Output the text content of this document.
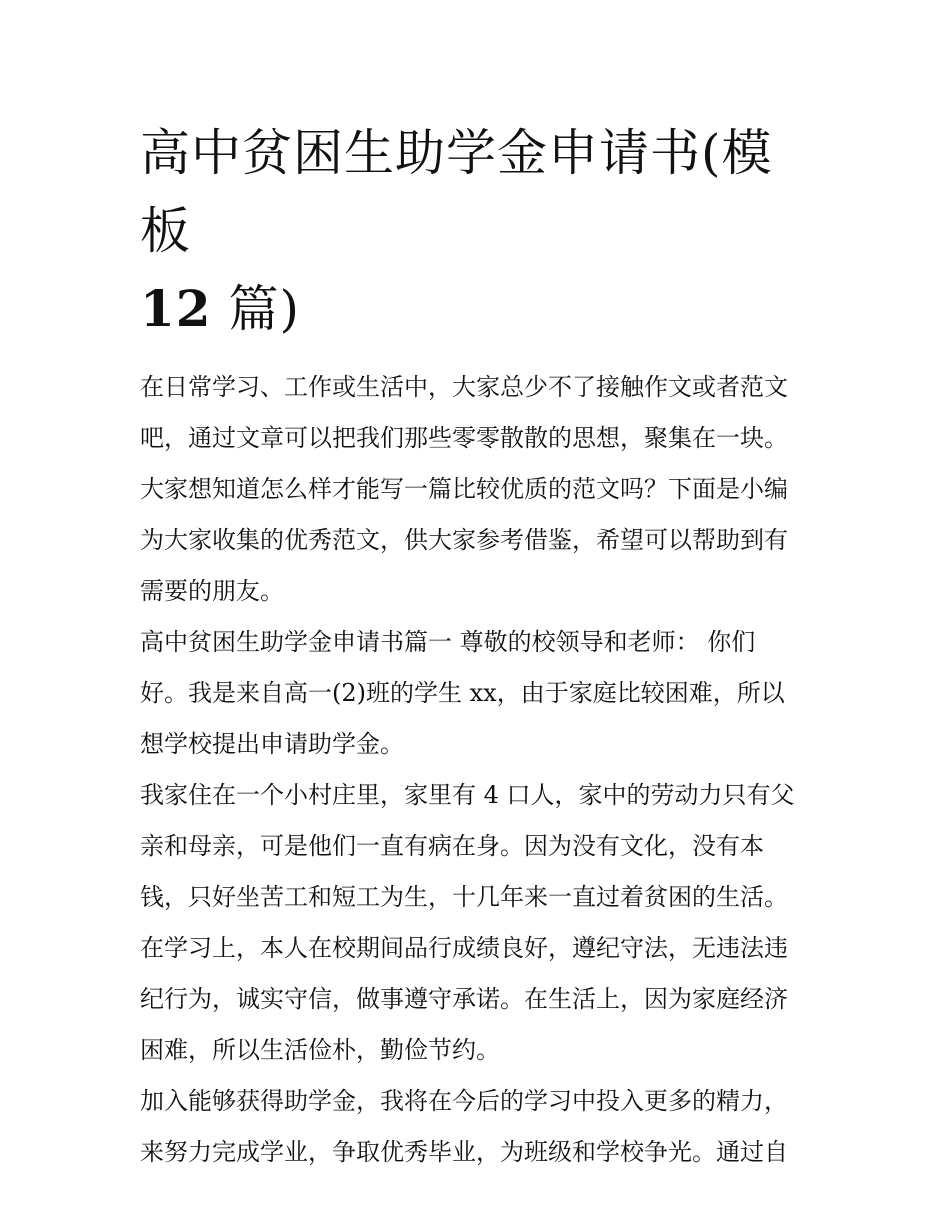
高中贫困生助学金申请书(模板
12 篇)
在日常学习、工作或生活中，大家总少不了接触作文或者范文
吧，通过文章可以把我们那些零零散散的思想，聚集在一块。
大家想知道怎么样才能写一篇比较优质的范文吗？下面是小编
为大家收集的优秀范文，供大家参考借鉴，希望可以帮助到有
需要的朋友。
高中贫困生助学金申请书篇一 尊敬的校领导和老师： 你们
好。我是来自高一(2)班的学生 xx，由于家庭比较困难，所以
想学校提出申请助学金。
我家住在一个小村庄里，家里有 4 口人，家中的劳动力只有父
亲和母亲，可是他们一直有病在身。因为没有文化，没有本
钱，只好坐苦工和短工为生，十几年来一直过着贫困的生活。
在学习上，本人在校期间品行成绩良好，遵纪守法，无违法违
纪行为，诚实守信，做事遵守承诺。在生活上，因为家庭经济
困难，所以生活俭朴，勤俭节约。
加入能够获得助学金，我将在今后的学习中投入更多的精力，
来努力完成学业，争取优秀毕业，为班级和学校争光。通过自
